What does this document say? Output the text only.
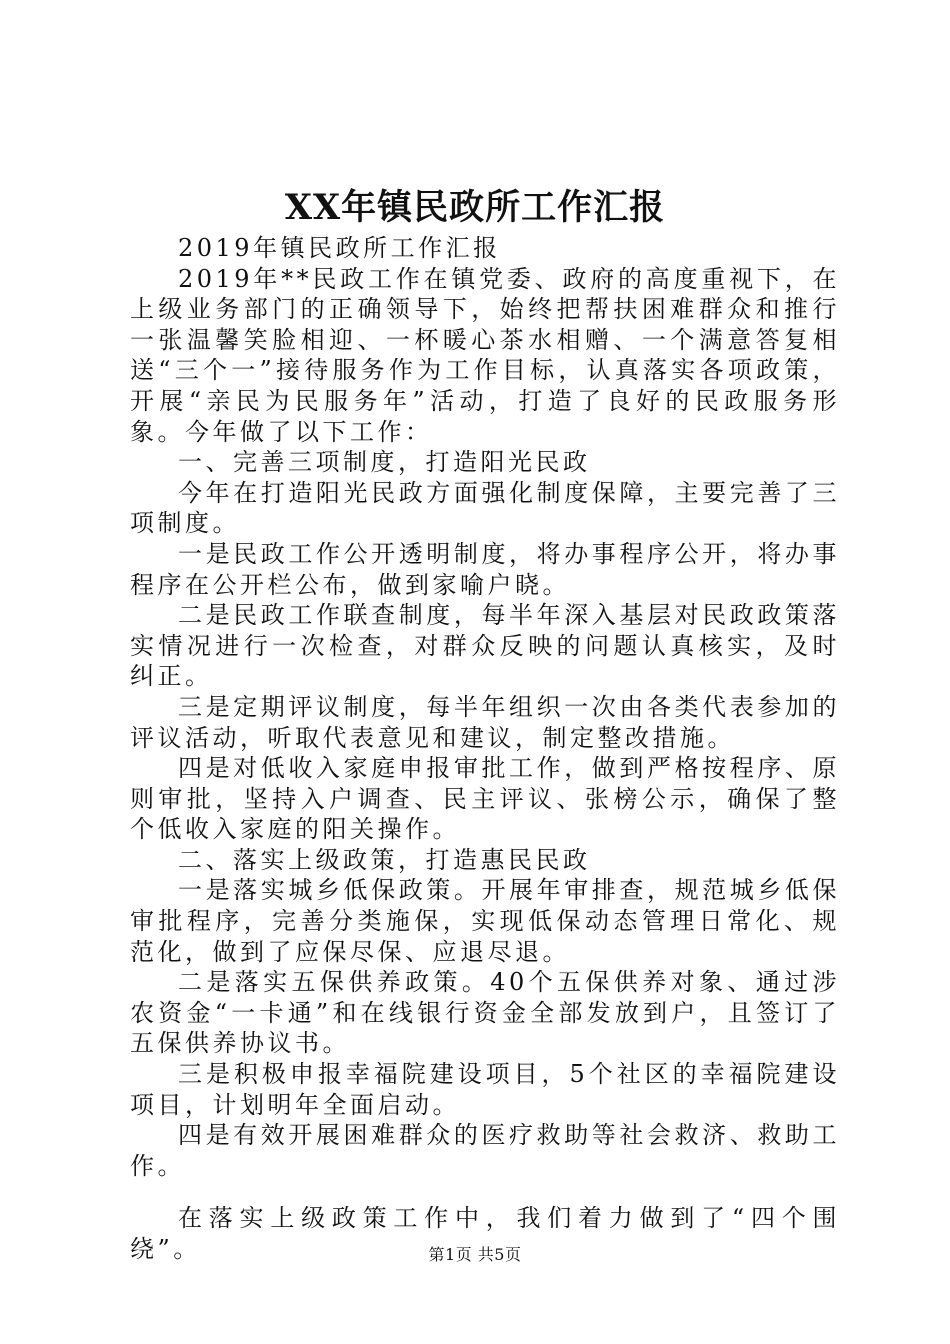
XX年镇民政所工作汇报

2019年镇民政所工作汇报

2019年**民政工作在镇党委、政府的高度重视下，在上级业务部门的正确领导下，始终把帮扶困难群众和推行一张温馨笑脸相迎、一杯暖心茶水相赠、一个满意答复相送“三个一”接待服务作为工作目标，认真落实各项政策，开展“亲民为民服务年”活动，打造了良好的民政服务形象。今年做了以下工作：

一、完善三项制度，打造阳光民政

今年在打造阳光民政方面强化制度保障，主要完善了三项制度。

一是民政工作公开透明制度，将办事程序公开，将办事程序在公开栏公布，做到家喻户晓。

二是民政工作联查制度，每半年深入基层对民政政策落实情况进行一次检查，对群众反映的问题认真核实，及时纠正。

三是定期评议制度，每半年组织一次由各类代表参加的评议活动，听取代表意见和建议，制定整改措施。

四是对低收入家庭申报审批工作，做到严格按程序、原则审批，坚持入户调查、民主评议、张榜公示，确保了整个低收入家庭的阳关操作。

二、落实上级政策，打造惠民民政

一是落实城乡低保政策。开展年审排查，规范城乡低保审批程序，完善分类施保，实现低保动态管理日常化、规范化，做到了应保尽保、应退尽退。

二是落实五保供养政策。40个五保供养对象、通过涉农资金“一卡通”和在线银行资金全部发放到户，且签订了五保供养协议书。

三是积极申报幸福院建设项目，5个社区的幸福院建设项目，计划明年全面启动。

四是有效开展困难群众的医疗救助等社会救济、救助工作。

在落实上级政策工作中，我们着力做到了“四个围绕”。	第1页 共5页
